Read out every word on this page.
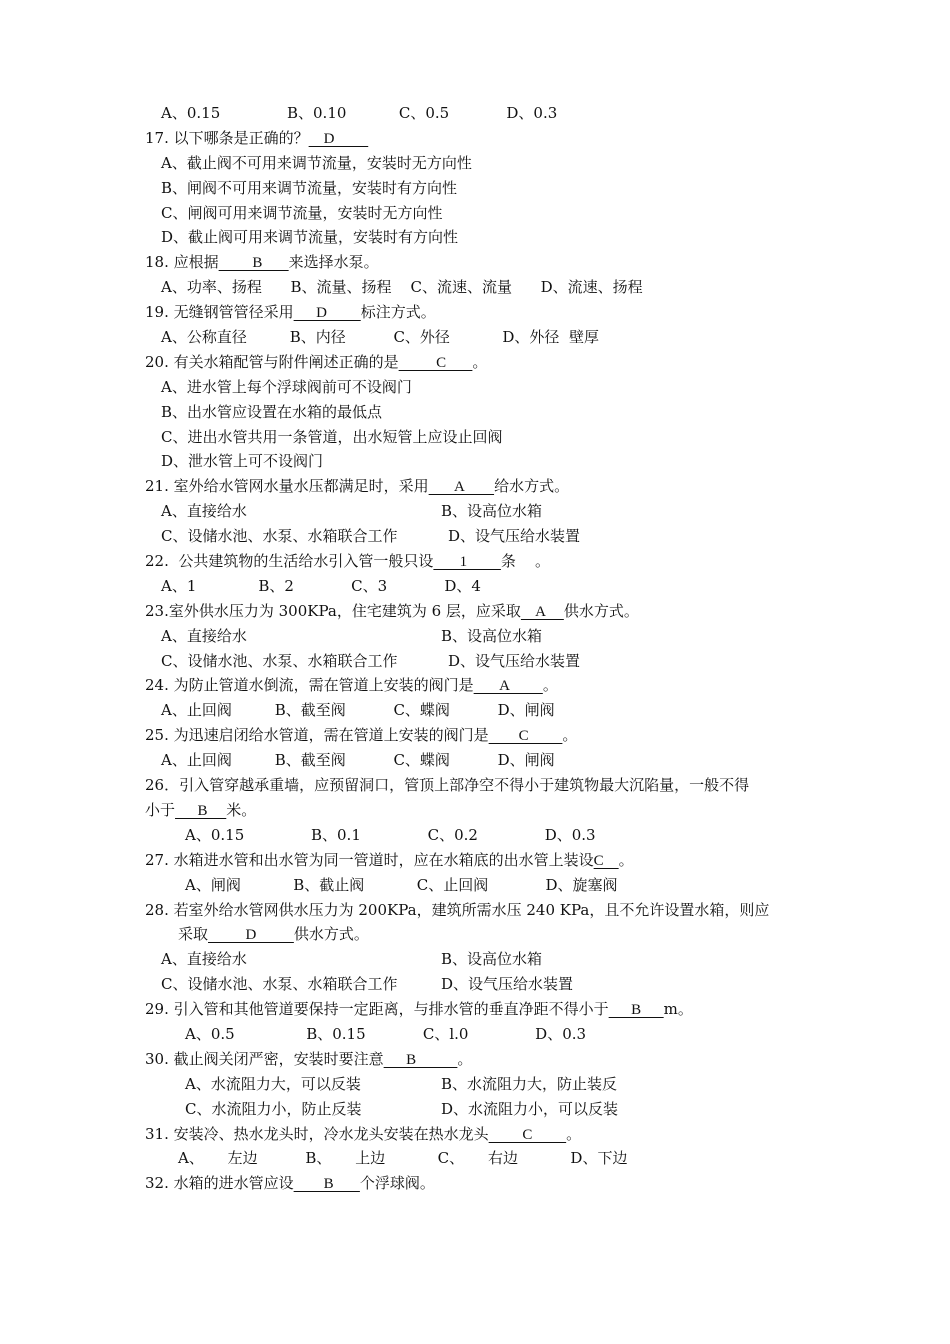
A、0.15              B、0.10           C、0.5            D、0.3
17. 以下哪条是正确的？    D
A、截止阀不可用来调节流量，安装时无方向性
B、闸阀不可用来调节流量，安装时有方向性
C、闸阀可用来调节流量，安装时无方向性
D、截止阀可用来调节流量，安装时有方向性
18. 应根据         B       来选择水泵。
A、功率、扬程      B、流量、扬程    C、流速、流量      D、流速、扬程
19. 无缝钢管管径采用      D         标注方式。
A、公称直径         B、内径          C、外径           D、外径  壁厚
20. 有关水箱配管与附件阐述正确的是          C       。
A、进水管上每个浮球阀前可不设阀门
B、出水管应设置在水箱的最低点
C、进出水管共用一条管道，出水短管上应设止回阀
D、泄水管上可不设阀门
21. 室外给水管网水量水压都满足时，采用       A        给水方式。
A、直接给水	B、设高位水箱
C、设储水池、水泵、水箱联合工作	D、设气压给水装置
22.  公共建筑物的生活给水引入管一般只设       1         条    。
A、1             B、2            C、3            D、4
23.室外供水压力为 300KPa，住宅建筑为 6 层，应采取    A     供水方式。
A、直接给水	B、设高位水箱
C、设储水池、水泵、水箱联合工作	D、设气压给水装置
24. 为防止管道水倒流，需在管道上安装的阀门是       A         。
A、止回阀         B、截至阀          C、蝶阀          D、闸阀
25. 为迅速启闭给水管道，需在管道上安装的阀门是        C         。
A、止回阀         B、截至阀          C、蝶阀          D、闸阀
26．引入管穿越承重墙，应预留洞口，管顶上部净空不得小于建筑物最大沉陷量，一般不得
小于      B     米。
A、0.15              B、0.1              C、0.2              D、0.3
27. 水箱进水管和出水管为同一管道时，应在水箱底的出水管上装设C    。
A、闸阀           B、截止阀           C、止回阀            D、旋塞阀
28. 若室外给水管网供水压力为 200KPa，建筑所需水压 240 KPa，且不允许设置水箱，则应
采取          D          供水方式。
A、直接给水	B、设高位水箱
C、设储水池、水泵、水箱联合工作	D、设气压给水装置
29. 引入管和其他管道要保持一定距离，与排水管的垂直净距不得小于      B      m。
A、0.5               B、0.15            C、l.0              D、0.3
30. 截止阀关闭严密，安装时要注意      B           。
A、水流阻力大，可以反装	B、水流阻力大，防止装反
C、水流阻力小，防止反装	D、水流阻力小，可以反装
31. 安装冷、热水龙头时，冷水龙头安装在热水龙头         C         。
A、     左边          B、     上边           C、     右边           D、下边
32. 水箱的进水管应设        B       个浮球阀。
